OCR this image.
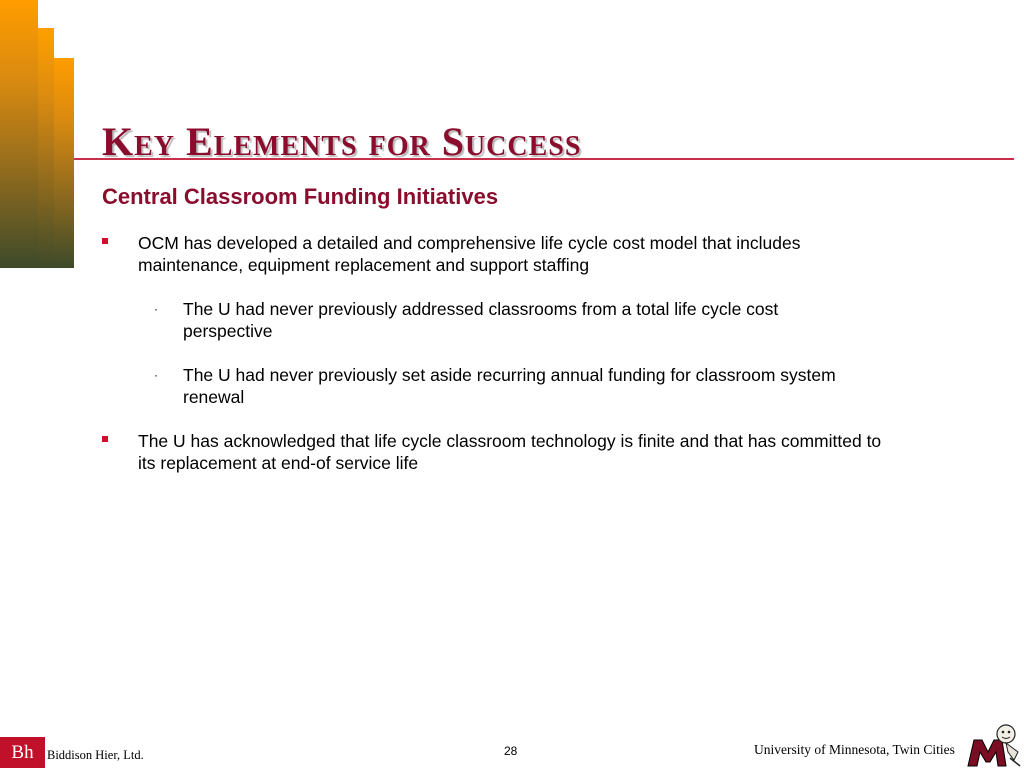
Key Elements for Success
Central Classroom Funding Initiatives
OCM has developed a detailed and comprehensive life cycle cost model that includes maintenance, equipment replacement and support staffing
· The U had never previously addressed classrooms from a total life cycle cost perspective
· The U had never previously set aside recurring annual funding for classroom system renewal
The U has acknowledged that life cycle classroom technology is finite and that has committed to its replacement at end-of service life
Bh	Biddison Hier, Ltd.	28	University of Minnesota, Twin Cities
